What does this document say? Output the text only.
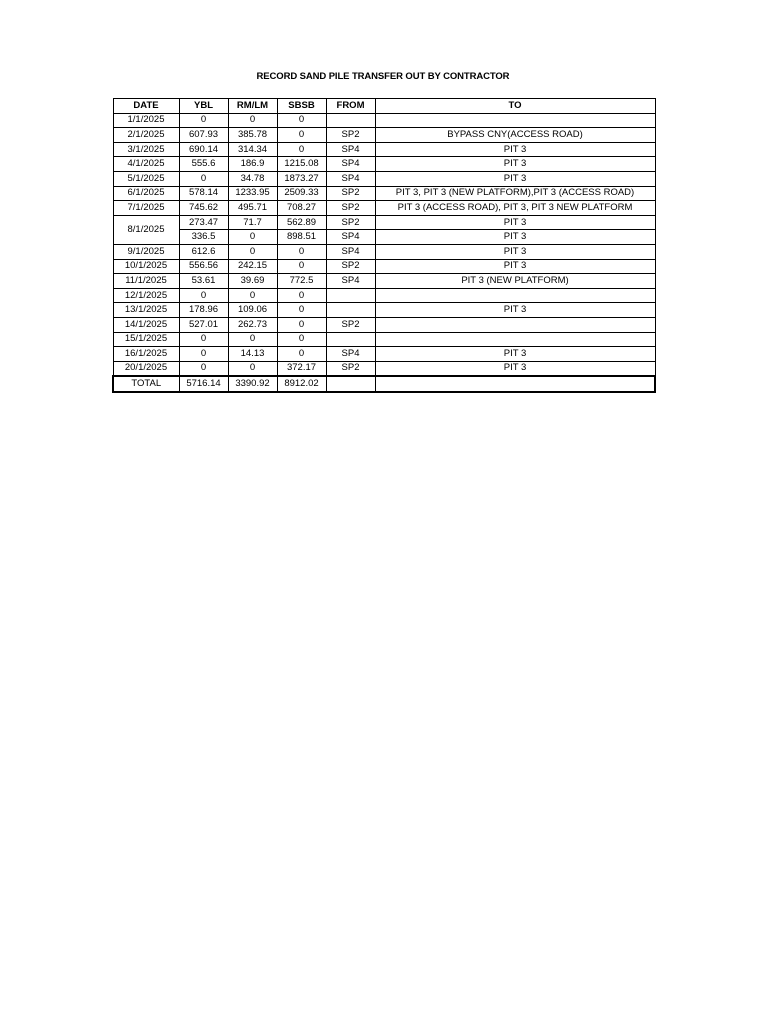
RECORD SAND PILE TRANSFER OUT BY CONTRACTOR
DATE	YBL	RM/LM	SBSB	FROM	TO
1/1/2025	0	0	0		
2/1/2025	607.93	385.78	0	SP2	BYPASS CNY(ACCESS ROAD)
3/1/2025	690.14	314.34	0	SP4	PIT 3
4/1/2025	555.6	186.9	1215.08	SP4	PIT 3
5/1/2025	0	34.78	1873.27	SP4	PIT 3
6/1/2025	578.14	1233.95	2509.33	SP2	PIT 3, PIT 3 (NEW PLATFORM),PIT 3 (ACCESS ROAD)
7/1/2025	745.62	495.71	708.27	SP2	PIT 3 (ACCESS ROAD), PIT 3, PIT 3 NEW PLATFORM
8/1/2025	273.47	71.7	562.89	SP2	PIT 3
	336.5	0	898.51	SP4	PIT 3
9/1/2025	612.6	0	0	SP4	PIT 3
10/1/2025	556.56	242.15	0	SP2	PIT 3
11/1/2025	53.61	39.69	772.5	SP4	PIT 3 (NEW PLATFORM)
12/1/2025	0	0	0		
13/1/2025	178.96	109.06	0		PIT 3
14/1/2025	527.01	262.73	0	SP2	
15/1/2025	0	0	0		
16/1/2025	0	14.13	0	SP4	PIT 3
20/1/2025	0	0	372.17	SP2	PIT 3
TOTAL	5716.14	3390.92	8912.02		
